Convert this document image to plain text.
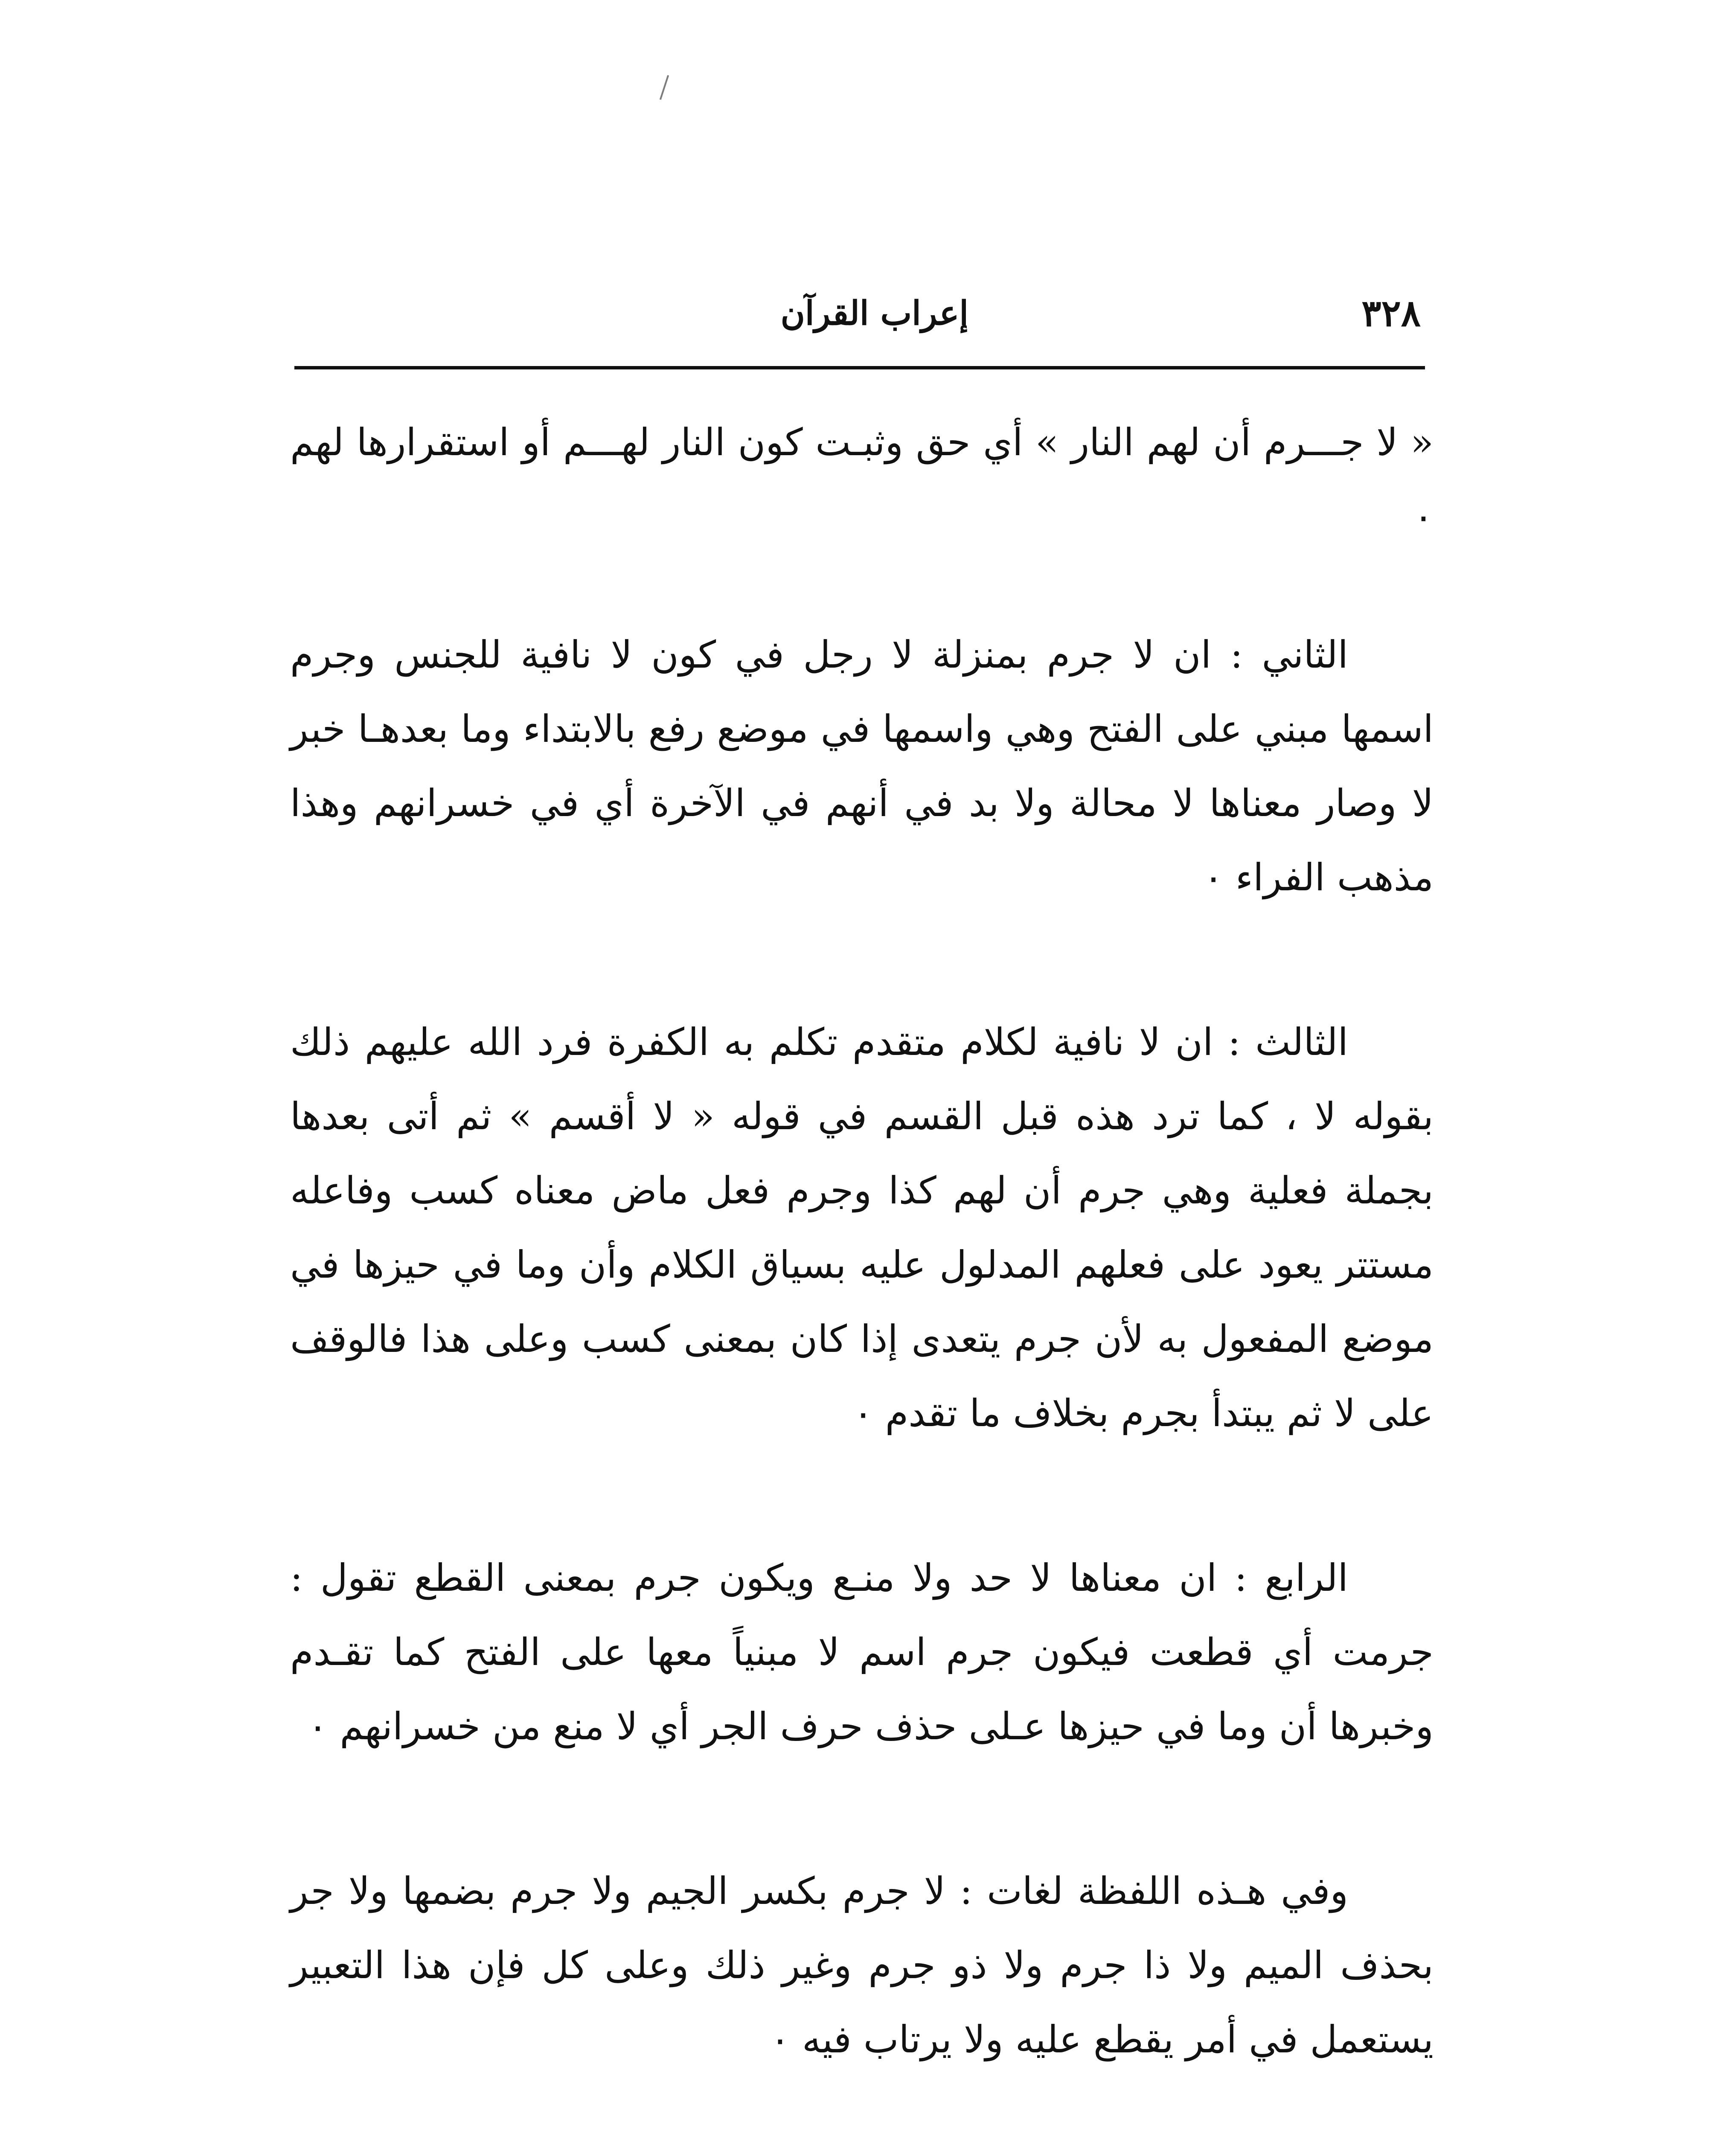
٣٢٨
إعراب القرآن

« لا جـــرم أن لهم النار » أي حق وثبـت كون النار لهـــم أو استقرارها لهم ٠

الثاني : ان لا جرم بمنزلة لا رجل في كون لا نافية للجنس وجرم اسمها مبني على الفتح وهي واسمها في موضع رفع بالابتداء وما بعدهـا خبر لا وصار معناها لا محالة ولا بد في أنهم في الآخرة أي في خسرانهم وهذا مذهب الفراء ٠

الثالث : ان لا نافية لكلام متقدم تكلم به الكفرة فرد الله عليهم ذلك بقوله لا ، كما ترد هذه قبل القسم في قوله « لا أقسم » ثم أتى بعدها بجملة فعلية وهي جرم أن لهم كذا وجرم فعل ماض معناه كسب وفاعله مستتر يعود على فعلهم المدلول عليه بسياق الكلام وأن وما في حيزها في موضع المفعول به لأن جرم يتعدى إذا كان بمعنى كسب وعلى هذا فالوقف على لا ثم يبتدأ بجرم بخلاف ما تقدم ٠

الرابع : ان معناها لا حد ولا منـع ويكون جرم بمعنى القطع تقول : جرمت أي قطعت فيكون جرم اسم لا مبنياً معها على الفتح كما تقـدم وخبرها أن وما في حيزها عـلى حذف حرف الجر أي لا منع من خسرانهم ٠

وفي هـذه اللفظة لغات : لا جرم بكسر الجيم ولا جرم بضمها ولا جر بحذف الميم ولا ذا جرم ولا ذو جرم وغير ذلك وعلى كل فإن هذا التعبير يستعمل في أمر يقطع عليه ولا يرتاب فيه ٠
